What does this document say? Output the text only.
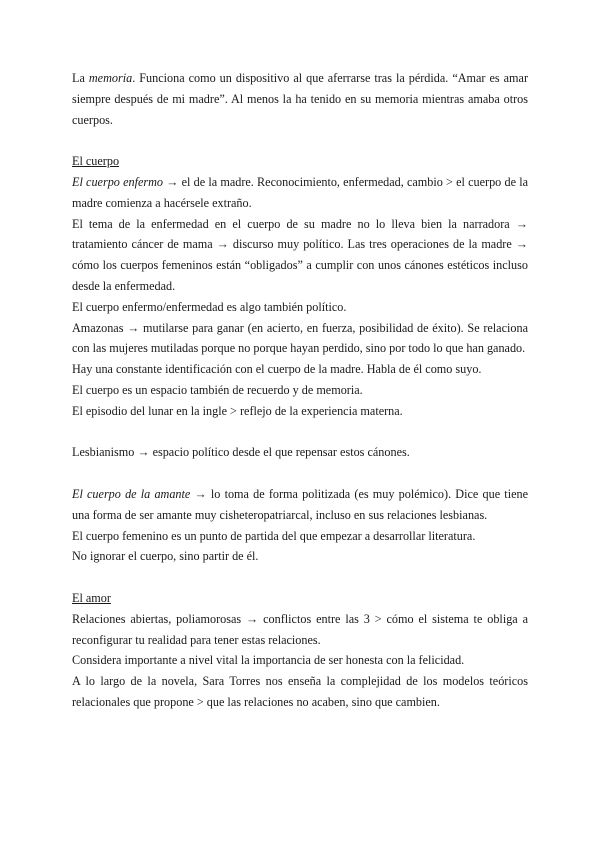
La memoria. Funciona como un dispositivo al que aferrarse tras la pérdida. “Amar es amar siempre después de mi madre”. Al menos la ha tenido en su memoria mientras amaba otros cuerpos.

El cuerpo

El cuerpo enfermo → el de la madre. Reconocimiento, enfermedad, cambio > el cuerpo de la madre comienza a hacérsele extraño.

El tema de la enfermedad en el cuerpo de su madre no lo lleva bien la narradora → tratamiento cáncer de mama → discurso muy político. Las tres operaciones de la madre → cómo los cuerpos femeninos están “obligados” a cumplir con unos cánones estéticos incluso desde la enfermedad.

El cuerpo enfermo/enfermedad es algo también político.

Amazonas → mutilarse para ganar (en acierto, en fuerza, posibilidad de éxito). Se relaciona con las mujeres mutiladas porque no porque hayan perdido, sino por todo lo que han ganado.

Hay una constante identificación con el cuerpo de la madre. Habla de él como suyo.

El cuerpo es un espacio también de recuerdo y de memoria.

El episodio del lunar en la ingle > reflejo de la experiencia materna.

Lesbianismo → espacio político desde el que repensar estos cánones.

El cuerpo de la amante → lo toma de forma politizada (es muy polémico). Dice que tiene una forma de ser amante muy cisheteropatriarcal, incluso en sus relaciones lesbianas.

El cuerpo femenino es un punto de partida del que empezar a desarrollar literatura.

No ignorar el cuerpo, sino partir de él.

El amor

Relaciones abiertas, poliamorosas → conflictos entre las 3 > cómo el sistema te obliga a reconfigurar tu realidad para tener estas relaciones.

Considera importante a nivel vital la importancia de ser honesta con la felicidad.

A lo largo de la novela, Sara Torres nos enseña la complejidad de los modelos teóricos relacionales que propone > que las relaciones no acaben, sino que cambien.
